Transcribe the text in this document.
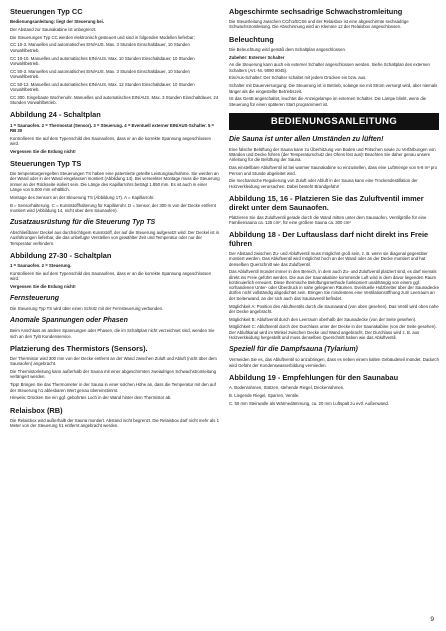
Steuerungen Typ CC

Bedienungsanleitung: liegt der Steuerung bei.

Der Abstand zur Saunakabine ist unbegrenzt.

Die Steuerungen Typ CC werden elektronisch gesteuert und sind in folgenden Modellen lieferbar:

CC 10-3. Manuelles und automatisches EIN/AUS. Max. 3 Stunden Einschaltdauer, 10 Stunden Vorwahlbetrieb.

CC 10-10. Manuelles und automatisches EIN/AUS. Max. 10 Stunden Einschaltdauer, 10 Stunden Vorwahlbetrieb.

CC 50-3. Manuelles und automatisches EIN/AUS. Max. 3 Stunden Einschaltdauer, 10 Stunden Vorwahlbetrieb.

CC 50-12. Manuelles und automatisches EIN/AUS. Max. 12 Stunden Einschaltdauer, 10 Stunden Vorwahlbetrieb.

CC 300. Eingebaute Wochenuhr. Manuelles und automatisches EIN/AUS. Max. 3 Stunden Einschaltdauer, 24 Stunden Vorwahlbetrieb.

Abbildung 24 - Schaltplan

1 = Saunaofen. 2 = Thermostat (Sensor). 3 = Steuerung. 4 = Eventuell externer EIN/AUS-Schalter. 5 = RB 30

Kontrollieren Sie auf dem Typenschild des Saunaofens, dass er an die korrekte Spannung angeschlossen wird.

Vergessen Sie die Erdung nicht!

Steuerungen Typ TS

Die temperaturgeregelten Steuerungen TS haben eine patentierte geteilte Leistungsaufnahme. Sie werden an der Wand oder in der Wand eingelassen montiert (Abbildung 14). Bei versenkter Montage muss die Steuerung immer an der Rückseite isoliert sein. Die Länge des Kapillarrohrs beträgt 1.850 mm. Es ist auch in einer Länge von 5.000 mm erhältlich.

Montage des Sensors an der Steuerung TS (Abbildung 17). A = Kapillarrohr.

B = Sensorhalterung. C = Kunststoffhalterung für Kapillarrohr. D = Sensor, der 300 m von der Decke entfernt montiert wird (Abbildung 14, nicht über dem Saunaofen).

Zusatzausrüstung für die Steuerung Typ TS

Abschließbarer Deckel aus durchsichtigem Kunststoff, der auf die Steuerung aufgesetzt wird. Der Deckel ist in Ausführungen lieferbar, die das unbefugte Verstellen von gewählter Zeit und Temperatur oder nur der Temperatur verhindern.

Abbildung 27-30 - Schaltplan

1 = Saunaofen. 2 = Steuerung.

Kontrollieren Sie auf dem Typenschild des Saunaofens, dass er an die korrekte Spannung angeschlossen wird.

Vergessen Sie die Erdung nicht!

Fernsteuerung

Die Steuerung Typ TS wird über einen Schütz mit der Fernsteuerung verbunden.

Anomale Spannungen oder Phasen

Beim Anschluss an andere Spannungen oder Phasen, die im Schaltplan nicht verzeichnet sind, wenden Sie sich an den Tylö Kundenservice.

Platzierung des Thermistors (Sensors).

Der Thermistor wird 300 mm von der Decke entfernt an der Wand zwischen Zuluft und Abluft (nicht über dem Saunaofen) angebracht.

Die Thermistorleitung kann außerhalb der Sauna mit einer abgeschirmten zweiadrigen Schwachstromleitung verlängert werden.

Tipp! Bringen Sie das Thermometer in der Sauna in einer solchen Höhe an, dass die Temperatur mit den auf der Steuerung h1 ablesbaren Wert genau übereinstimmt.

Hinweis: Drücken Sie ein ggf. gebohrtes Loch in der Wand hinter dem Thermistor ab.

Relaisbox (RB)

Die Relaisbox wird außerhalb der Sauna montiert. Abstand nicht begrenzt. Die Relaisbox darf nicht mehr als 1 Meter von der Steuerung h1 entfernt angebracht werden.

Abgeschirmte sechsadrige Schwachstromleitung

Die Steuerleitung zwischen CC/h1/ECS6 und der Relaisbox ist eine abgeschirmte sechsadrige Schwachstromleitung. Die Abschirmung wird an Klemme 12 der Relaisbox angeschlossen.

Beleuchtung

Die Beleuchtung wird gemäß dem Schaltplan angeschlossen.

Zubehör: Externer Schalter

An die Steuerung kann auch ein externer Schalter angeschlossen werden. Siehe Schaltplan des externen Schalters (Art.-Nr. 9090 8045).

Ein/Aus-Schalter: Der Schalter schaltet mit jedem Drücken ein bzw. aus.

Schalter mit Dauerversorgung: Die Steuerung ist in Betrieb, solange sie mit Strom versorgt wird, aber niemals länger als die eingestellte Betriebszeit.

Ist das Gerät angeschaltet, leuchtet die Anzeigelampe im externen Schalter. Die Lampe blinkt, wenn die Steuerung für einen späteren Start programmiert ist.

BEDIENUNGSANLEITUNG
Die Sauna ist unter allen Umständen zu lüften!

Eine falsche Belüftung der Sauna kann zu Überhitzung von Boden und Pritschen sowie zu Verfärbungen von Wänden und Decke führen (der Temperaturschutz des Ofens löst aus)! Beachten Sie daher genau unsere Anleitung für die Belüftung der Sauna.

Das einstellbare Abluftventil ist bei warmer Saunakabine so einzustellen, dass eine Luftmenge von 6-8 m³ pro Person und Stunde abgeleitet wird.

Die mechanische Regulierung von Zuluft oder Abluft in der Sauna kann eine Trockendestillation der Holzverkleidung verursachen. Dabei besteht Brandgefahr!

Abbildung 15, 16 - Platzieren Sie das Zuluftventil immer direkt unter dem Saunaofen.

Platzieren Sie das Zuluftventil gerade durch die Wand mitten unter dem Saunaofen. Ventilgröße für eine Familiensauna ca. 125 cm², für eine größere Sauna ca. 300 cm²

Abbildung 18 - Der Luftauslass darf nicht direkt ins Freie führen

Der Abstand zwischen Zu- und Abluftventil muss möglichst groß sein, z. B. wenn sie diagonal gegenüber montiert werden. Das Abluftventil wird möglichst hoch an der Wand oder an der Decke montiert und hat denselben Querschnitt wie das Zuluftventil.

Das Abluftventil mündet immer in den Bereich, in dem auch Zu- und Zuluftventil platziert sind, es darf niemals direkt ins Freie geführt werden. Die aus der Saunakabine kommende Luft wird in dem davor liegenden Raum kontinuierlich erneuert. Diese thermische Belüftungsmethode funktioniert unabhängig von einem ggf. vorhandenen Unter- oder Überdruck in nahe gelegenen Räumen. Eventuelle Holzbretter über der Saunadecke dürfen nicht vollständig abgedichtet sein. Bringen Sie mindestens eine Ventilationsöffnung zum Leerraum an der Seitenwand, an der sich auch das Saunaventil befindet.

Möglichkeit A: Position des Abluftventils durch die Saunawand (von oben gesehen). Das Ventil wird oben nahe der Decke angebracht.

Möglichkeit B: Abluftventil durch den Leerraum oberhalb der Saunadecke (von der Seite gesehen).

Möglichkeit C: Abluftventil durch den Durchlass unter der Decke in der Saunakabine (von der Seite gesehen). Der Abluftkanal wird im Winkel zwischen Decke und Wand angebracht. Der Durchlass wird z. B. aus Holzverkleidung hergestellt und muss denselben Querschnitt haben wie das Abluftventil.

Speziell für die Dampfsauna (Tylarium)

Vermeiden Sie es, das Abluftventil so anzubringen, dass es neben einem kalten Gebäudeteil mündet. Dadurch wird Gefahr der Kondenswasserbildung vermieden.

Abbildung 19 - Empfehlungen für den Saunabau

A. Bodenrahmen, Stützen, stehende Riegel, Deckenrahmen.

B. Liegende Riegel, Sparren, Ventile.

C. 50 mm Steinwolle als Wärmedämmung, ca. 20 mm Luftspalt zu evtl. Außenwand.

9
